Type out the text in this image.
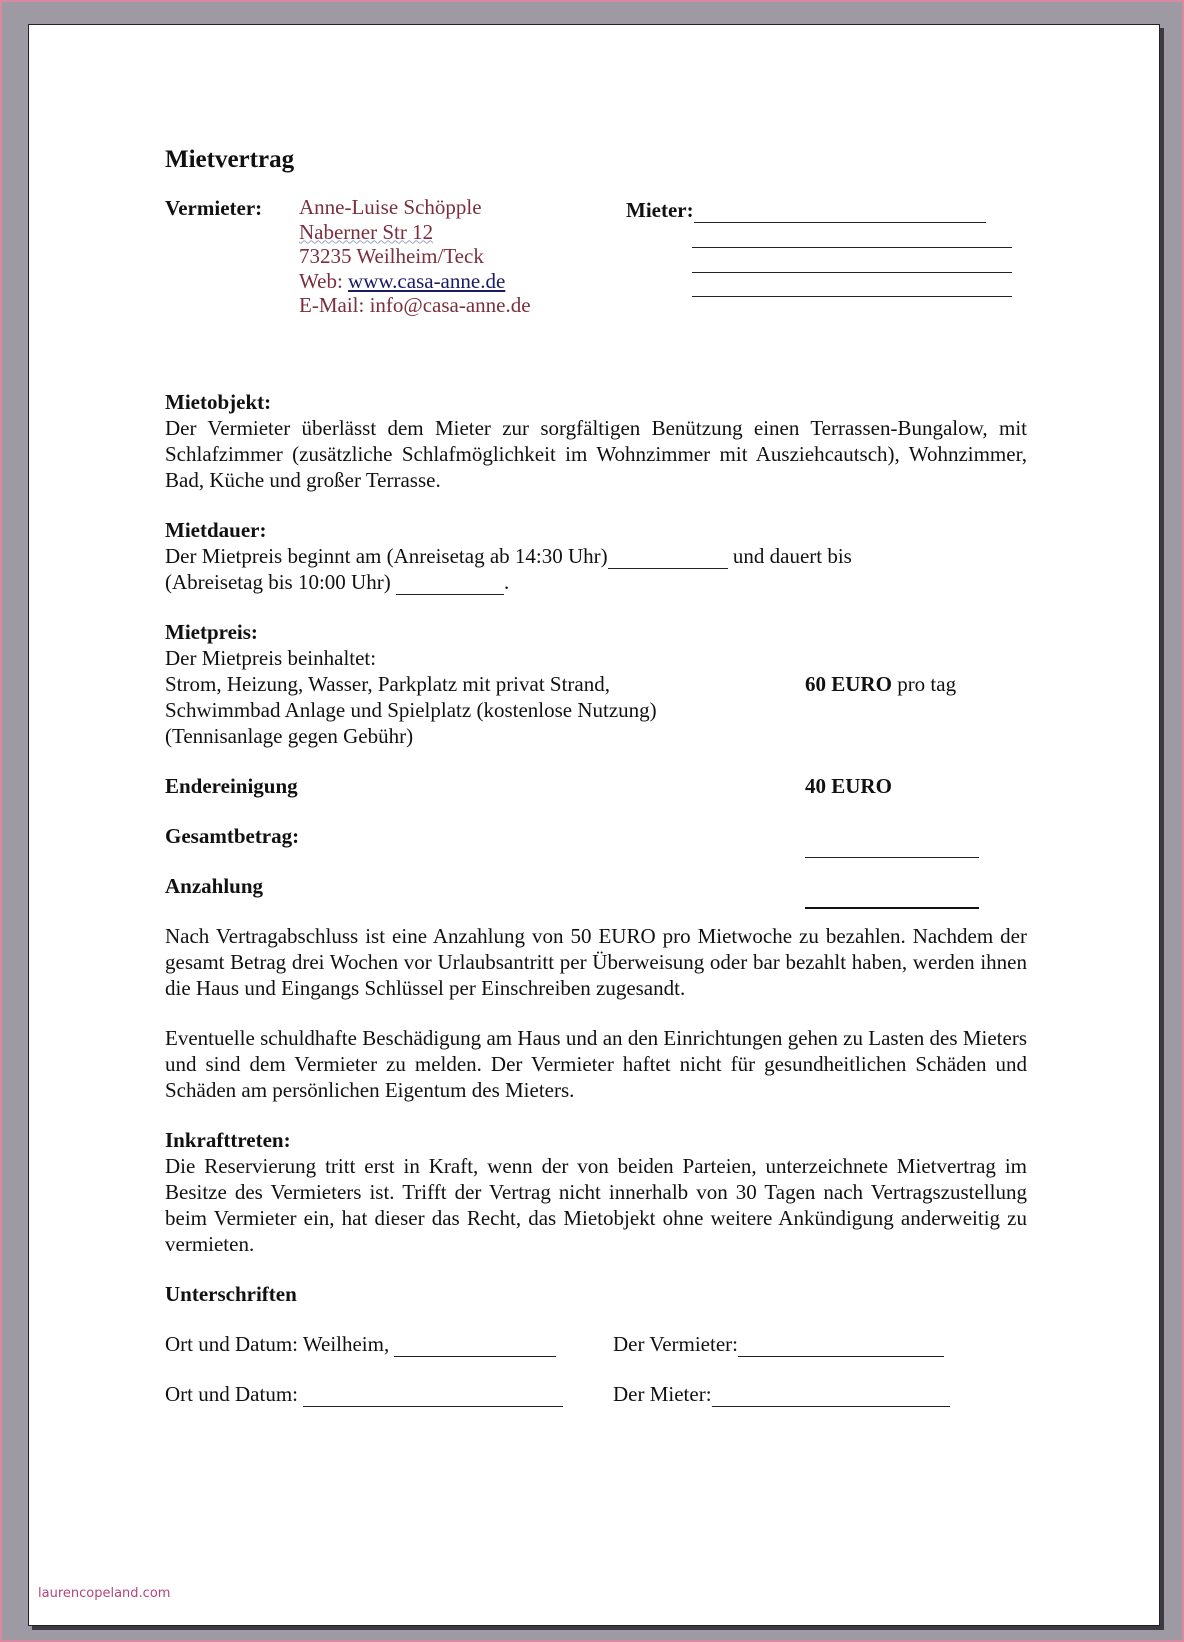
Mietvertrag
Vermieter: Anne-Luise Schöpple
Naberner Str 12
73235 Weilheim/Teck
Web: www.casa-anne.de
E-Mail: info@casa-anne.de
Mieter:
Mietobjekt:

Der Vermieter überlässt dem Mieter zur sorgfältigen Benützung einen Terrassen-Bungalow, mit Schlafzimmer (zusätzliche Schlafmöglichkeit im Wohnzimmer mit Ausziehcautsch), Wohnzimmer, Bad, Küche und großer Terrasse.

Mietdauer:
Der Mietpreis beginnt am (Anreisetag ab 14:30 Uhr)	und dauert bis
(Abreisetag bis 10:00 Uhr)	.
Mietpreis:
Der Mietpreis beinhaltet:
Strom, Heizung, Wasser, Parkplatz mit privat Strand,	60 EURO pro tag
Schwimmbad Anlage und Spielplatz (kostenlose Nutzung)
(Tennisanlage gegen Gebühr)
Endereinigung	40 EURO
Gesamtbetrag:
Anzahlung

Nach Vertragabschluss ist eine Anzahlung von 50 EURO pro Mietwoche zu bezahlen. Nachdem der gesamt Betrag drei Wochen vor Urlaubsantritt per Überweisung oder bar bezahlt haben, werden ihnen die Haus und Eingangs Schlüssel per Einschreiben zugesandt.

Eventuelle schuldhafte Beschädigung am Haus und an den Einrichtungen gehen zu Lasten des Mieters und sind dem Vermieter zu melden. Der Vermieter haftet nicht für gesundheitlichen Schäden und Schäden am persönlichen Eigentum des Mieters.

Inkrafttreten:

Die Reservierung tritt erst in Kraft, wenn der von beiden Parteien, unterzeichnete Mietvertrag im Besitze des Vermieters ist. Trifft der Vertrag nicht innerhalb von 30 Tagen nach Vertragszustellung beim Vermieter ein, hat dieser das Recht, das Mietobjekt ohne weitere Ankündigung anderweitig zu vermieten.

Unterschriften
Ort und Datum: Weilheim,	Der Vermieter:
Ort und Datum:	Der Mieter:
laurencopeland.com
